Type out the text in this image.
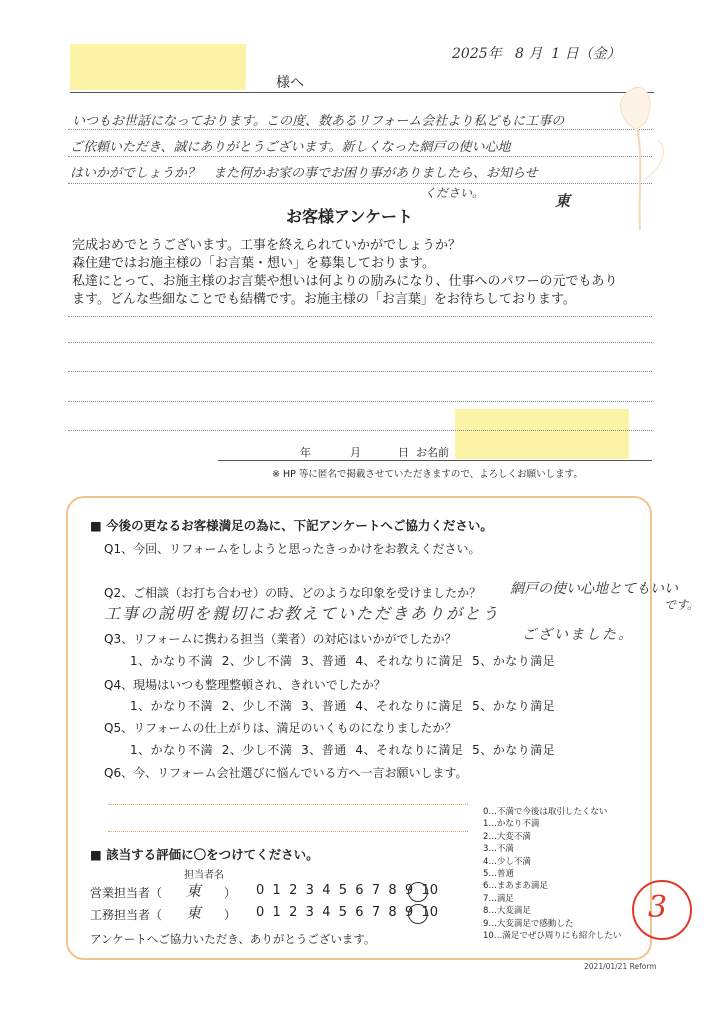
2025年 8 月 1 日（金）
様へ
いつもお世話になっております。この度、数あるリフォーム会社より私どもに工事の
ご依頼いただき、誠にありがとうございます。新しくなった網戸の使い心地
はいかがでしょうか？　また何かお家の事でお困り事がありましたら、お知らせ
ください。	東
お客様アンケート
完成おめでとうございます。工事を終えられていかがでしょうか？
森住建ではお施主様の「お言葉・想い」を募集しております。
私達にとって、お施主様のお言葉や想いは何よりの励みになり、仕事へのパワーの元でもあり
ます。どんな些細なことでも結構です。お施主様の「お言葉」をお待ちしております。
年	月	日 お名前
※ HP 等に匿名で掲載させていただきますので、よろしくお願いします。
■ 今後の更なるお客様満足の為に、下記アンケートへご協力ください。
Q1、今回、リフォームをしようと思ったきっかけをお教えください。
Q2、ご相談（お打ち合わせ）の時、どのような印象を受けましたか？ 網戸の使い心地とてもいい
です。
工事の説明を親切にお教えていただきありがとう
ございました。
Q3、リフォームに携わる担当（業者）の対応はいかがでしたか？
1、かなり不満 2、少し不満 3、普通 4、それなりに満足 5、かなり満足
Q4、現場はいつも整理整頓され、きれいでしたか？
1、かなり不満 2、少し不満 3、普通 4、それなりに満足 5、かなり満足
Q5、リフォームの仕上がりは、満足のいくものになりましたか？
1、かなり不満 2、少し不満 3、普通 4、それなりに満足 5、かなり満足
Q6、今、リフォーム会社選びに悩んでいる方へ一言お願いします。
0…不満で今後は取引したくない
1…かなり不満
2…大変不満
3…不満
4…少し不満
5…普通
6…まあまあ満足
7…満足
8…大変満足
9…大変満足で感動した
10…満足でぜひ周りにも紹介したい
■ 該当する評価に〇をつけてください。
担当者名
営業担当者（ 東 ） 0 1 2 3 4 5 6 7 8 9 10
工務担当者（ 東 ） 0 1 2 3 4 5 6 7 8 9 10
アンケートへご協力いただき、ありがとうございます。
3
2021/01/21 Reform
